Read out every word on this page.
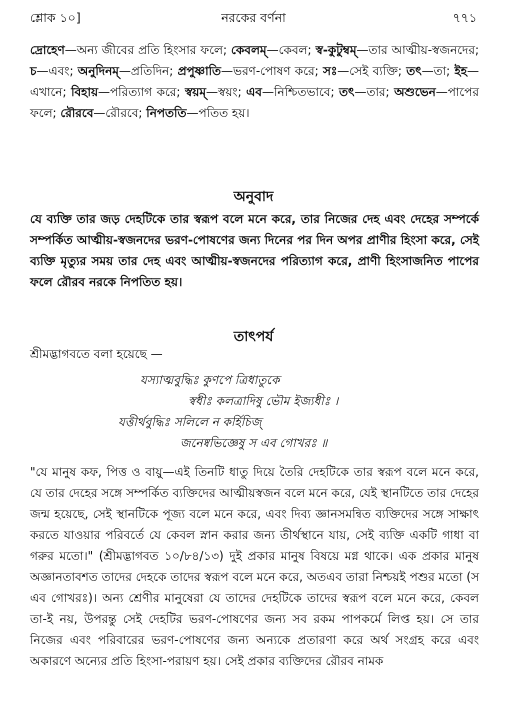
শ্লোক ১০]	নরকের বর্ণনা	৭৭১
দ্রোহেণ—অন্য জীবের প্রতি হিংসার ফলে; কেবলম্—কেবল; স্ব-কুটুম্বম্—তার আত্মীয়-স্বজনদের; চ—এবং; অনুদিনম্—প্রতিদিন; প্রপুষ্ণাতি—ভরণ-পোষণ করে; সঃ—সেই ব্যক্তি; তৎ—তা; ইহ—এখানে; বিহায়—পরিত্যাগ করে; স্বয়ম্—স্বয়ং; এব—নিশ্চিতভাবে; তৎ—তার; অশুভেন—পাপের ফলে; রৌরবে—রৌরবে; নিপততি—পতিত হয়।
অনুবাদ
যে ব্যক্তি তার জড় দেহটিকে তার স্বরূপ বলে মনে করে, তার নিজের দেহ এবং দেহের সম্পর্কে সম্পর্কিত আত্মীয়-স্বজনদের ভরণ-পোষণের জন্য দিনের পর দিন অপর প্রাণীর হিংসা করে, সেই ব্যক্তি মৃত্যুর সময় তার দেহ এবং আত্মীয়-স্বজনদের পরিত্যাগ করে, প্রাণী হিংসাজনিত পাপের ফলে রৌরব নরকে নিপতিত হয়।
তাৎপর্য
শ্রীমদ্ভাগবতে বলা হয়েছে —
যস্যাত্মবুদ্ধিঃ কুণপে ত্রিধাতুকে
স্বধীঃ কলত্রাদিষু ভৌম ইজ্যধীঃ ।
যত্তীর্থবুদ্ধিঃ সলিলে ন কর্হিচিজ্
জনেষ্বভিজ্ঞেষু স এব গোখরঃ ॥
"যে মানুষ কফ, পিত্ত ও বায়ু—এই তিনটি ধাতু দিয়ে তৈরি দেহটিকে তার স্বরূপ বলে মনে করে, যে তার দেহের সঙ্গে সম্পর্কিত ব্যক্তিদের আত্মীয়স্বজন বলে মনে করে, যেই স্থানটিতে তার দেহের জন্ম হয়েছে, সেই স্থানটিকে পূজ্য বলে মনে করে, এবং দিব্য জ্ঞানসমন্বিত ব্যক্তিদের সঙ্গে সাক্ষাৎ করতে যাওয়ার পরিবর্তে যে কেবল স্নান করার জন্য তীর্থস্থানে যায়, সেই ব্যক্তি একটি গাধা বা গরুর মতো।" (শ্রীমদ্ভাগবত ১০/৮৪/১৩) দুই প্রকার মানুষ বিষয়ে মগ্ন থাকে। এক প্রকার মানুষ অজ্ঞানতাবশত তাদের দেহকে তাদের স্বরূপ বলে মনে করে, অতএব তারা নিশ্চয়ই পশুর মতো (স এব গোখরঃ)। অন্য শ্রেণীর মানুষেরা যে তাদের দেহটিকে তাদের স্বরূপ বলে মনে করে, কেবল তা-ই নয়, উপরন্তু সেই দেহটির ভরণ-পোষণের জন্য সব রকম পাপকর্মে লিপ্ত হয়। সে তার নিজের এবং পরিবারের ভরণ-পোষণের জন্য অন্যকে প্রতারণা করে অর্থ সংগ্রহ করে এবং অকারণে অন্যের প্রতি হিংসা-পরায়ণ হয়। সেই প্রকার ব্যক্তিদের রৌরব নামক
